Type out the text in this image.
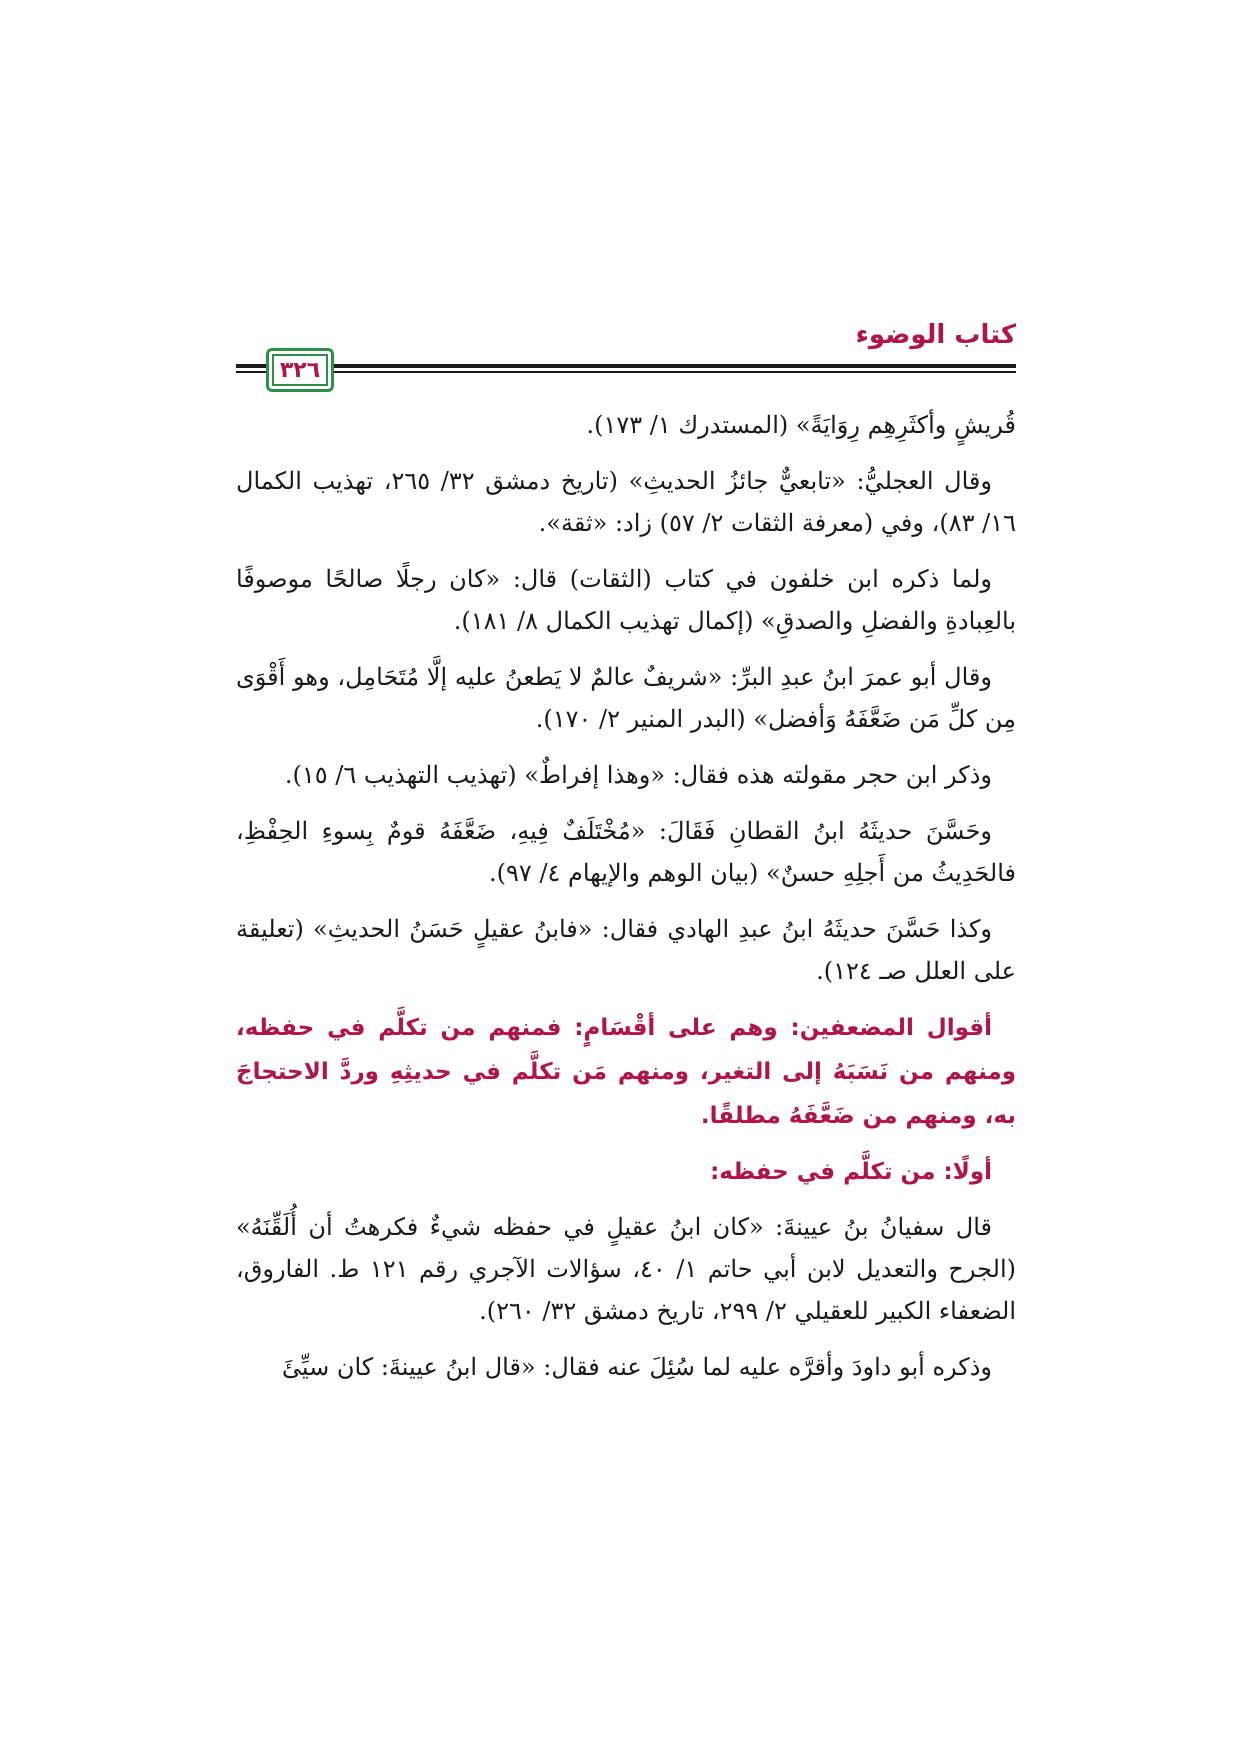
كتاب الوضوء
٣٢٦

قُريشٍ وأكثَرِهِم رِوَايَةً» (المستدرك ١/ ١٧٣).

وقال العجليُّ: «تابعيٌّ جائزُ الحديثِ» (تاريخ دمشق ٣٢/ ٢٦٥، تهذيب الكمال ١٦/ ٨٣)، وفي (معرفة الثقات ٢/ ٥٧) زاد: «ثقة».

ولما ذكره ابن خلفون في كتاب (الثقات) قال: «كان رجلًا صالحًا موصوفًا بالعِبادةِ والفضلِ والصدقِ» (إكمال تهذيب الكمال ٨/ ١٨١).

وقال أبو عمرَ ابنُ عبدِ البرِّ: «شريفٌ عالمٌ لا يَطعنُ عليه إلَّا مُتَحَامِل، وهو أَقْوَى مِن كلِّ مَن ضَعَّفَهُ وَأفضل» (البدر المنير ٢/ ١٧٠).

وذكر ابن حجر مقولته هذه فقال: «وهذا إفراطٌ» (تهذيب التهذيب ٦/ ١٥).

وحَسَّنَ حديثَهُ ابنُ القطانِ فَقَالَ: «مُخْتَلَفٌ فِيهِ، ضَعَّفَهُ قومٌ بِسوءِ الحِفْظِ، فالحَدِيثُ من أَجلِهِ حسنٌ» (بيان الوهم والإيهام ٤/ ٩٧).

وكذا حَسَّنَ حديثَهُ ابنُ عبدِ الهادي فقال: «فابنُ عقيلٍ حَسَنُ الحديثِ» (تعليقة على العلل صـ ١٢٤).

أقوال المضعفين: وهم على أقْسَامٍ: فمنهم من تكلَّم في حفظه، ومنهم من نَسَبَهُ إلى التغير، ومنهم مَن تكلَّم في حديثِهِ وردَّ الاحتجاجَ به، ومنهم من ضَعَّفَهُ مطلقًا.

أولًا: من تكلَّم في حفظه:

قال سفيانُ بنُ عيينةَ: «كان ابنُ عقيلٍ في حفظه شيءٌ فكرهتُ أن أُلَقِّنَهُ» (الجرح والتعديل لابن أبي حاتم ١/ ٤٠، سؤالات الآجري رقم ١٢١ ط. الفاروق، الضعفاء الكبير للعقيلي ٢/ ٢٩٩، تاريخ دمشق ٣٢/ ٢٦٠).

وذكره أبو داودَ وأقرَّه عليه لما سُئِلَ عنه فقال: «قال ابنُ عيينةَ: كان سيِّئَ
